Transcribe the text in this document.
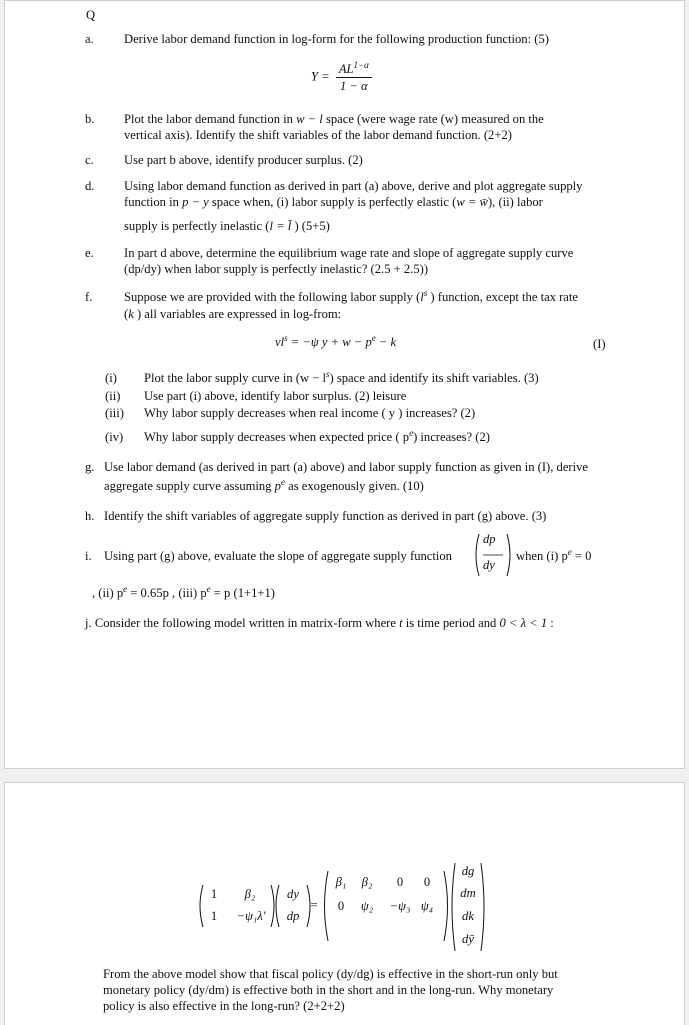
Q
a. Derive labor demand function in log-form for the following production function: (5)
$Y = \frac{AL^{1-\alpha}}{1 - \alpha}$
b. Plot the labor demand function in w − l space (were wage rate (w) measured on the
vertical axis). Identify the shift variables of the labor demand function. (2+2)
c. Use part b above, identify producer surplus. (2)
d. Using labor demand function as derived in part (a) above, derive and plot aggregate supply
function in p − y space when, (i) labor supply is perfectly elastic (w = w̄), (ii) labor
supply is perfectly inelastic (l = l̄ ) (5+5)
e. In part d above, determine the equilibrium wage rate and slope of aggregate supply curve
(dp/dy) when labor supply is perfectly inelastic? (2.5 + 2.5))
f.	Suppose we are provided with the following labor supply ($l^s$ ) function, except the tax rate
(k ) all variables are expressed in log-from:
$vl^s = -\psi$ $y + w - p^e - k$	(I)
(i) Plot the labor supply curve in $(w - l^s)$ space and identify its shift variables. (3)
(ii) Use part (i) above, identify labor surplus. (2) leisure
(iii) Why labor supply decreases when real income ( y ) increases? (2)
(iv) Why labor supply decreases when expected price ( $p^e$) increases? (2)
g. Use labor demand (as derived in part (a) above) and labor supply function as given in (I), derive
aggregate supply curve assuming $p^e$ as exogenously given. (10)
h. Identify the shift variables of aggregate supply function as derived in part (g) above. (3)
i. Using part (g) above, evaluate the slope of aggregate supply function
dp
dy
when (i) $p^e = 0$
, (ii) $p^e = 0.65p$ , (iii) $p^e = p$ (1+1+1)
j. Consider the following model written in matrix-form where t is time period and 0 < λ < 1 :
1	β₂
1	−ψ₁λ'
dy
dp
=
β₁	β₂	0	0
0	ψ₂	−ψ₃ ψ₄
dg
dm
dk
dȳ
From the above model show that fiscal policy (dy/dg) is effective in the short-run only but
monetary policy (dy/dm) is effective both in the short and in the long-run. Why monetary
policy is also effective in the long-run? (2+2+2)
